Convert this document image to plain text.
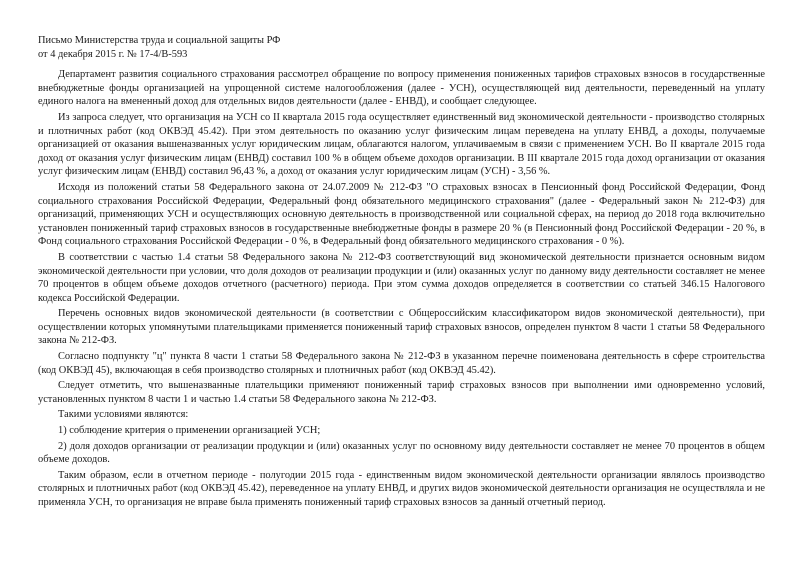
Письмо Министерства труда и социальной защиты РФ

от 4 декабря 2015 г. № 17-4/В-593

Департамент развития социального страхования рассмотрел обращение по вопросу применения пониженных тарифов страховых взносов в государственные внебюджетные фонды организацией на упрощенной системе налогообложения (далее - УСН), осуществляющей вид деятельности, переведенный на уплату единого налога на вмененный доход для отдельных видов деятельности (далее - ЕНВД), и сообщает следующее.

Из запроса следует, что организация на УСН со II квартала 2015 года осуществляет единственный вид экономической деятельности - производство столярных и плотничных работ (код ОКВЭД 45.42). При этом деятельность по оказанию услуг физическим лицам переведена на уплату ЕНВД, а доходы, получаемые организацией от оказания вышеназванных услуг юридическим лицам, облагаются налогом, уплачиваемым в связи с применением УСН. Во II квартале 2015 года доход от оказания услуг физическим лицам (ЕНВД) составил 100 % в общем объеме доходов организации. В III квартале 2015 года доход организации от оказания услуг физическим лицам (ЕНВД) составил 96,43 %, а доход от оказания услуг юридическим лицам (УСН) - 3,56 %.

Исходя из положений статьи 58 Федерального закона от 24.07.2009 № 212-ФЗ "О страховых взносах в Пенсионный фонд Российской Федерации, Фонд социального страхования Российской Федерации, Федеральный фонд обязательного медицинского страхования" (далее - Федеральный закон № 212-ФЗ) для организаций, применяющих УСН и осуществляющих основную деятельность в производственной или социальной сферах, на период до 2018 года включительно установлен пониженный тариф страховых взносов в государственные внебюджетные фонды в размере 20 % (в Пенсионный фонд Российской Федерации - 20 %, в Фонд социального страхования Российской Федерации - 0 %, в Федеральный фонд обязательного медицинского страхования - 0 %).

В соответствии с частью 1.4 статьи 58 Федерального закона № 212-ФЗ соответствующий вид экономической деятельности признается основным видом экономической деятельности при условии, что доля доходов от реализации продукции и (или) оказанных услуг по данному виду деятельности составляет не менее 70 процентов в общем объеме доходов отчетного (расчетного) периода. При этом сумма доходов определяется в соответствии со статьей 346.15 Налогового кодекса Российской Федерации.

Перечень основных видов экономической деятельности (в соответствии с Общероссийским классификатором видов экономической деятельности), при осуществлении которых упомянутыми плательщиками применяется пониженный тариф страховых взносов, определен пунктом 8 части 1 статьи 58 Федерального закона № 212-ФЗ.

Согласно подпункту "ц" пункта 8 части 1 статьи 58 Федерального закона № 212-ФЗ в указанном перечне поименована деятельность в сфере строительства (код ОКВЭД 45), включающая в себя производство столярных и плотничных работ (код ОКВЭД 45.42).

Следует отметить, что вышеназванные плательщики применяют пониженный тариф страховых взносов при выполнении ими одновременно условий, установленных пунктом 8 части 1 и частью 1.4 статьи 58 Федерального закона № 212-ФЗ.

Такими условиями являются:

1) соблюдение критерия о применении организацией УСН;

2) доля доходов организации от реализации продукции и (или) оказанных услуг по основному виду деятельности составляет не менее 70 процентов в общем объеме доходов.

Таким образом, если в отчетном периоде - полугодии 2015 года - единственным видом экономической деятельности организации являлось производство столярных и плотничных работ (код ОКВЭД 45.42), переведенное на уплату ЕНВД, и других видов экономической деятельности организация не осуществляла и не применяла УСН, то организация не вправе была применять пониженный тариф страховых взносов за данный отчетный период.
